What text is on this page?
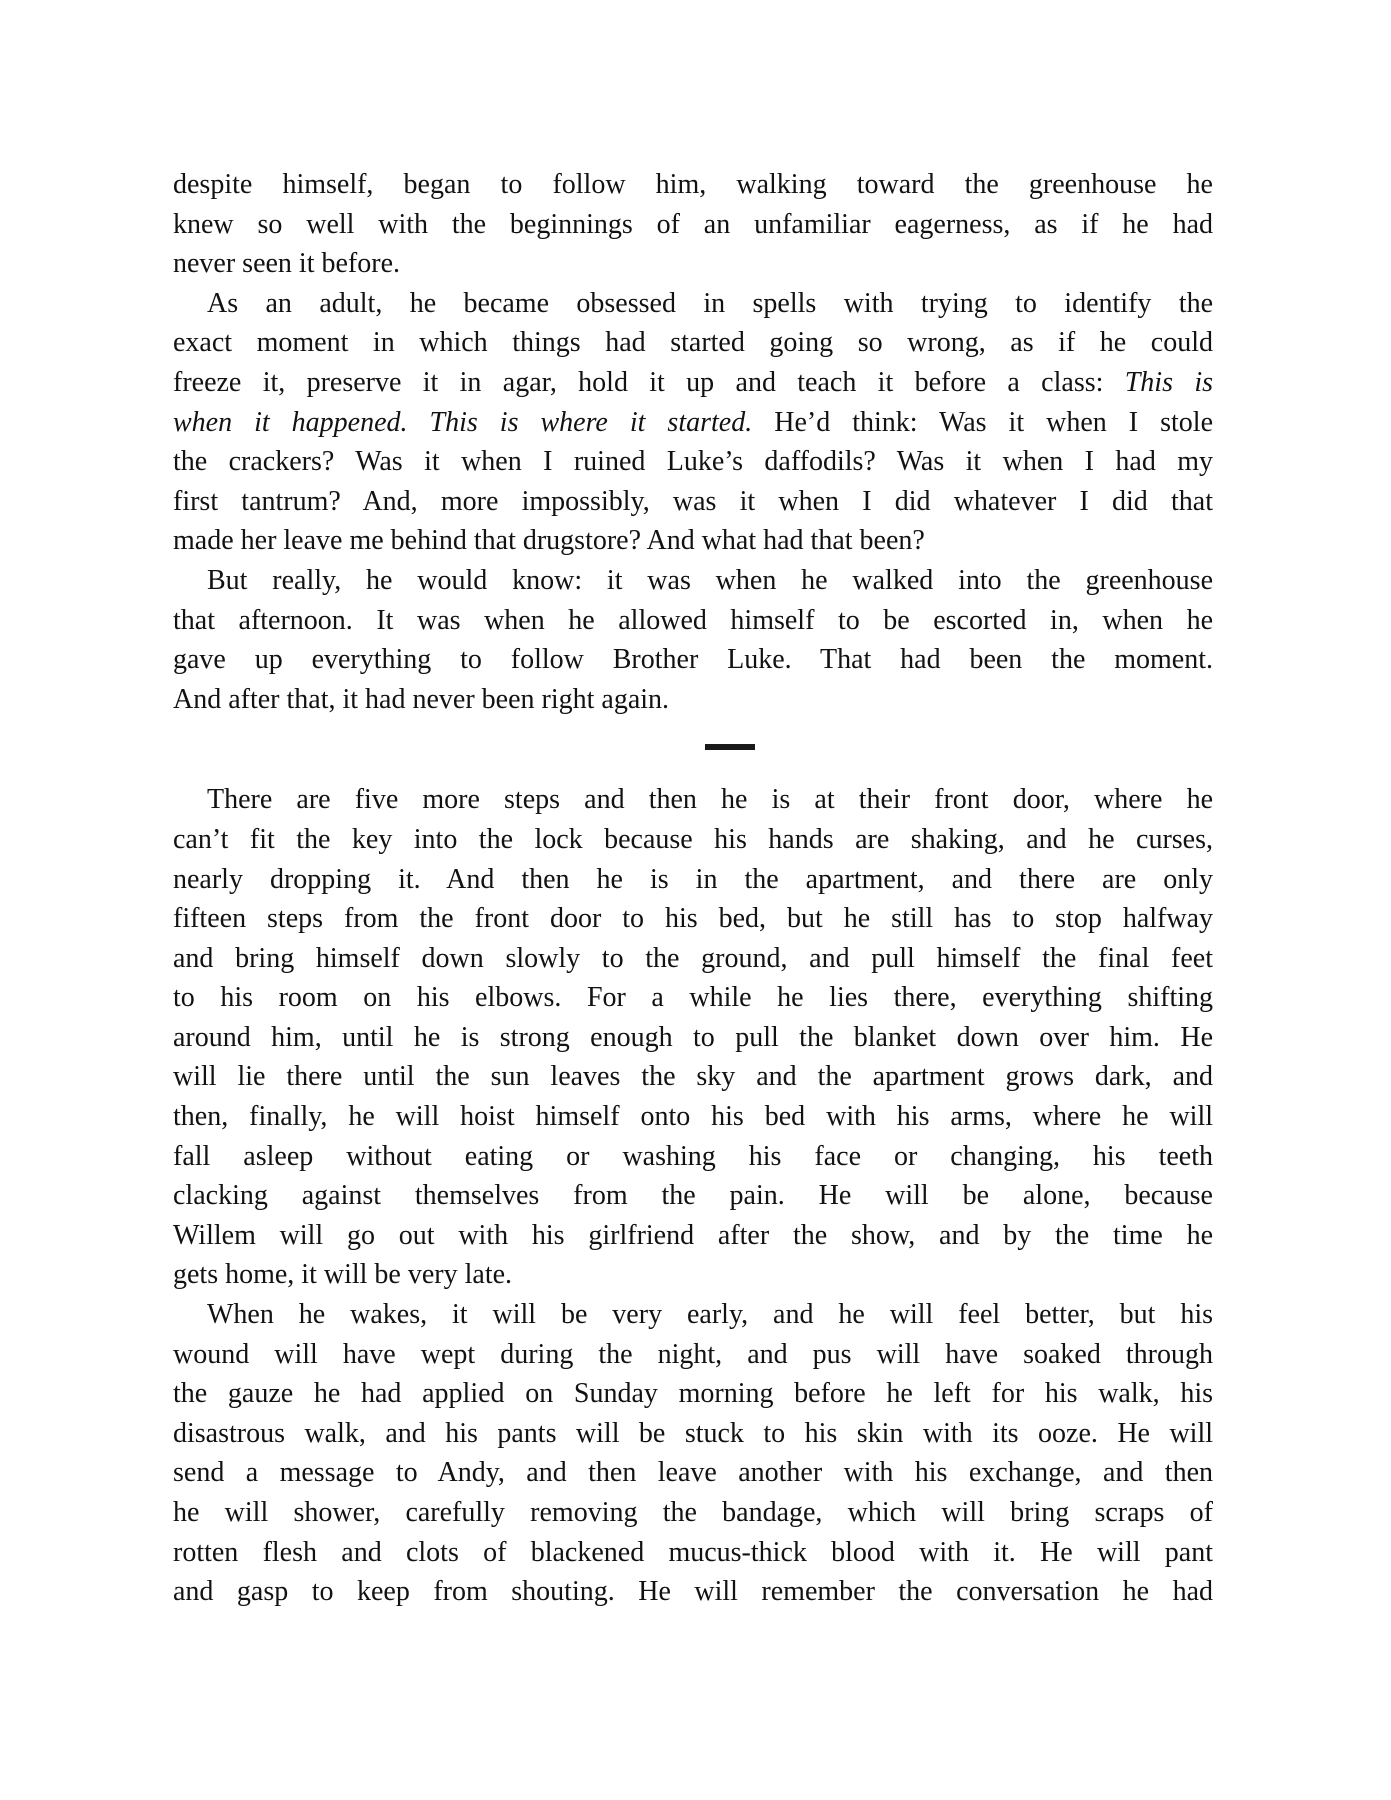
despite himself, began to follow him, walking toward the greenhouse he
knew so well with the beginnings of an unfamiliar eagerness, as if he had
never seen it before.
As an adult, he became obsessed in spells with trying to identify the
exact moment in which things had started going so wrong, as if he could
freeze it, preserve it in agar, hold it up and teach it before a class: This is
when it happened. This is where it started. He’d think: Was it when I stole
the crackers? Was it when I ruined Luke’s daffodils? Was it when I had my
first tantrum? And, more impossibly, was it when I did whatever I did that
made her leave me behind that drugstore? And what had that been?
But really, he would know: it was when he walked into the greenhouse
that afternoon. It was when he allowed himself to be escorted in, when he
gave up everything to follow Brother Luke. That had been the moment.
And after that, it had never been right again.
There are five more steps and then he is at their front door, where he
can’t fit the key into the lock because his hands are shaking, and he curses,
nearly dropping it. And then he is in the apartment, and there are only
fifteen steps from the front door to his bed, but he still has to stop halfway
and bring himself down slowly to the ground, and pull himself the final feet
to his room on his elbows. For a while he lies there, everything shifting
around him, until he is strong enough to pull the blanket down over him. He
will lie there until the sun leaves the sky and the apartment grows dark, and
then, finally, he will hoist himself onto his bed with his arms, where he will
fall asleep without eating or washing his face or changing, his teeth
clacking against themselves from the pain. He will be alone, because
Willem will go out with his girlfriend after the show, and by the time he
gets home, it will be very late.
When he wakes, it will be very early, and he will feel better, but his
wound will have wept during the night, and pus will have soaked through
the gauze he had applied on Sunday morning before he left for his walk, his
disastrous walk, and his pants will be stuck to his skin with its ooze. He will
send a message to Andy, and then leave another with his exchange, and then
he will shower, carefully removing the bandage, which will bring scraps of
rotten flesh and clots of blackened mucus-thick blood with it. He will pant
and gasp to keep from shouting. He will remember the conversation he had
